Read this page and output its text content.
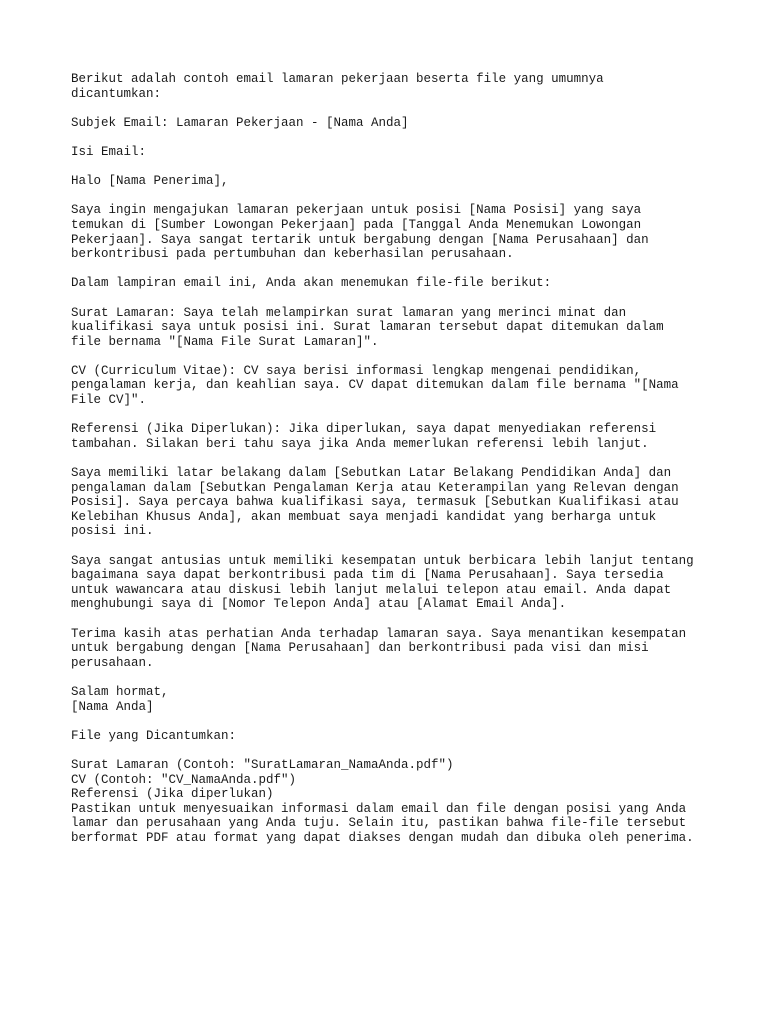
Berikut adalah contoh email lamaran pekerjaan beserta file yang umumnya
dicantumkan:
Subjek Email: Lamaran Pekerjaan - [Nama Anda]
Isi Email:
Halo [Nama Penerima],
Saya ingin mengajukan lamaran pekerjaan untuk posisi [Nama Posisi] yang saya
temukan di [Sumber Lowongan Pekerjaan] pada [Tanggal Anda Menemukan Lowongan
Pekerjaan]. Saya sangat tertarik untuk bergabung dengan [Nama Perusahaan] dan
berkontribusi pada pertumbuhan dan keberhasilan perusahaan.
Dalam lampiran email ini, Anda akan menemukan file-file berikut:
Surat Lamaran: Saya telah melampirkan surat lamaran yang merinci minat dan
kualifikasi saya untuk posisi ini. Surat lamaran tersebut dapat ditemukan dalam
file bernama "[Nama File Surat Lamaran]".
CV (Curriculum Vitae): CV saya berisi informasi lengkap mengenai pendidikan,
pengalaman kerja, dan keahlian saya. CV dapat ditemukan dalam file bernama "[Nama
File CV]".
Referensi (Jika Diperlukan): Jika diperlukan, saya dapat menyediakan referensi
tambahan. Silakan beri tahu saya jika Anda memerlukan referensi lebih lanjut.
Saya memiliki latar belakang dalam [Sebutkan Latar Belakang Pendidikan Anda] dan
pengalaman dalam [Sebutkan Pengalaman Kerja atau Keterampilan yang Relevan dengan
Posisi]. Saya percaya bahwa kualifikasi saya, termasuk [Sebutkan Kualifikasi atau
Kelebihan Khusus Anda], akan membuat saya menjadi kandidat yang berharga untuk
posisi ini.
Saya sangat antusias untuk memiliki kesempatan untuk berbicara lebih lanjut tentang
bagaimana saya dapat berkontribusi pada tim di [Nama Perusahaan]. Saya tersedia
untuk wawancara atau diskusi lebih lanjut melalui telepon atau email. Anda dapat
menghubungi saya di [Nomor Telepon Anda] atau [Alamat Email Anda].
Terima kasih atas perhatian Anda terhadap lamaran saya. Saya menantikan kesempatan
untuk bergabung dengan [Nama Perusahaan] dan berkontribusi pada visi dan misi
perusahaan.
Salam hormat,
[Nama Anda]
File yang Dicantumkan:
Surat Lamaran (Contoh: "SuratLamaran_NamaAnda.pdf")
CV (Contoh: "CV_NamaAnda.pdf")
Referensi (Jika diperlukan)
Pastikan untuk menyesuaikan informasi dalam email dan file dengan posisi yang Anda
lamar dan perusahaan yang Anda tuju. Selain itu, pastikan bahwa file-file tersebut
berformat PDF atau format yang dapat diakses dengan mudah dan dibuka oleh penerima.
